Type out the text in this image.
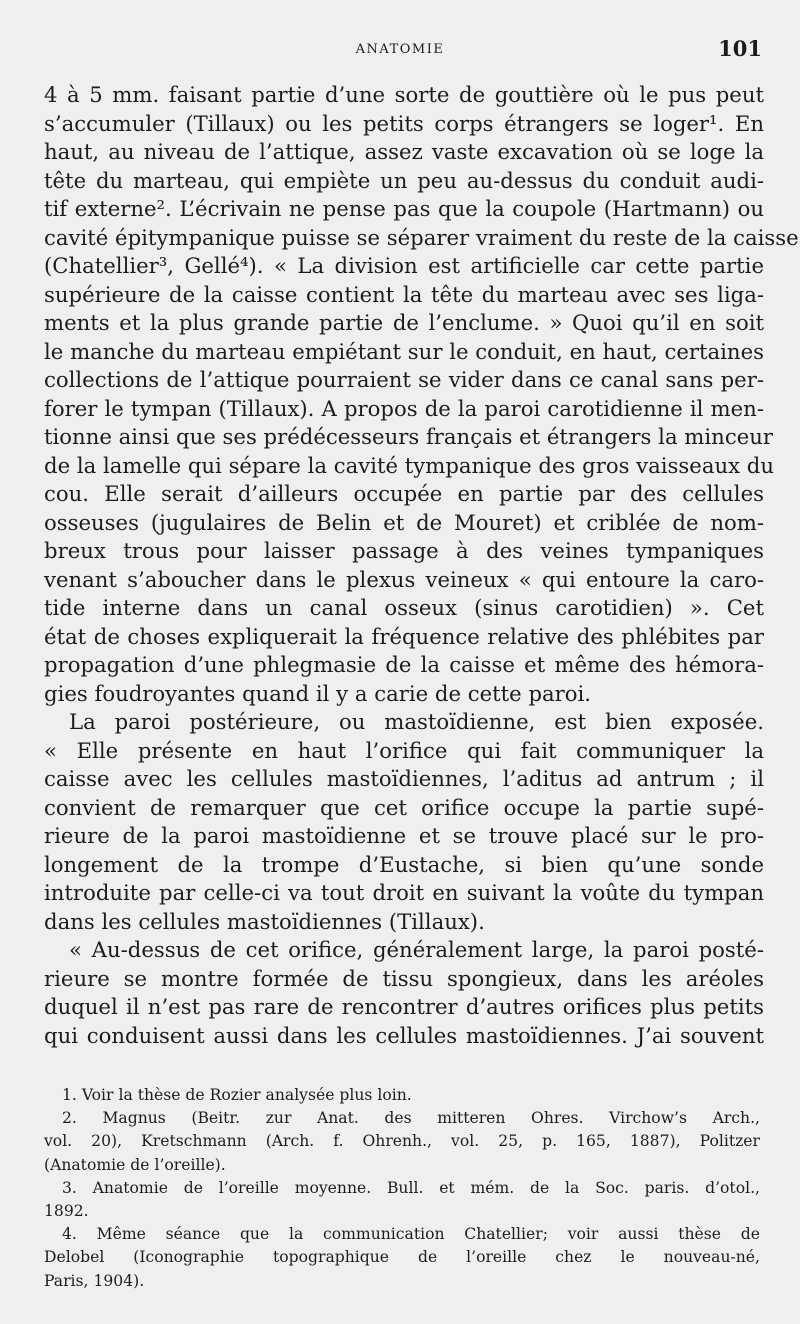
ANATOMIE	101
4 à 5 mm. faisant partie d’une sorte de gouttière où le pus peut
s’accumuler (Tillaux) ou les petits corps étrangers se loger¹. En
haut, au niveau de l’attique, assez vaste excavation où se loge la
tête du marteau, qui empiète un peu au-dessus du conduit audi-
tif externe². L’écrivain ne pense pas que la coupole (Hartmann) ou
cavité épitympanique puisse se séparer vraiment du reste de la caisse
(Chatellier³, Gellé⁴). « La division est artificielle car cette partie
supérieure de la caisse contient la tête du marteau avec ses liga-
ments et la plus grande partie de l’enclume. » Quoi qu’il en soit
le manche du marteau empiétant sur le conduit, en haut, certaines
collections de l’attique pourraient se vider dans ce canal sans per-
forer le tympan (Tillaux). A propos de la paroi carotidienne il men-
tionne ainsi que ses prédécesseurs français et étrangers la minceur
de la lamelle qui sépare la cavité tympanique des gros vaisseaux du
cou. Elle serait d’ailleurs occupée en partie par des cellules
osseuses (jugulaires de Belin et de Mouret) et criblée de nom-
breux trous pour laisser passage à des veines tympaniques
venant s’aboucher dans le plexus veineux « qui entoure la caro-
tide interne dans un canal osseux (sinus carotidien) ». Cet
état de choses expliquerait la fréquence relative des phlébites par
propagation d’une phlegmasie de la caisse et même des hémora-
gies foudroyantes quand il y a carie de cette paroi.
La paroi postérieure, ou mastoïdienne, est bien exposée.
« Elle présente en haut l’orifice qui fait communiquer la
caisse avec les cellules mastoïdiennes, l’aditus ad antrum ; il
convient de remarquer que cet orifice occupe la partie supé-
rieure de la paroi mastoïdienne et se trouve placé sur le pro-
longement de la trompe d’Eustache, si bien qu’une sonde
introduite par celle-ci va tout droit en suivant la voûte du tympan
dans les cellules mastoïdiennes (Tillaux).
« Au-dessus de cet orifice, généralement large, la paroi posté-
rieure se montre formée de tissu spongieux, dans les aréoles
duquel il n’est pas rare de rencontrer d’autres orifices plus petits
qui conduisent aussi dans les cellules mastoïdiennes. J’ai souvent
1. Voir la thèse de Rozier analysée plus loin.
2. Magnus (Beitr. zur Anat. des mitteren Ohres. Virchow’s Arch.,
vol. 20), Kretschmann (Arch. f. Ohrenh., vol. 25, p. 165, 1887), Politzer
(Anatomie de l’oreille).
3. Anatomie de l’oreille moyenne. Bull. et mém. de la Soc. paris. d’otol.,
1892.
4. Même séance que la communication Chatellier; voir aussi thèse de
Delobel (Iconographie topographique de l’oreille chez le nouveau-né,
Paris, 1904).
